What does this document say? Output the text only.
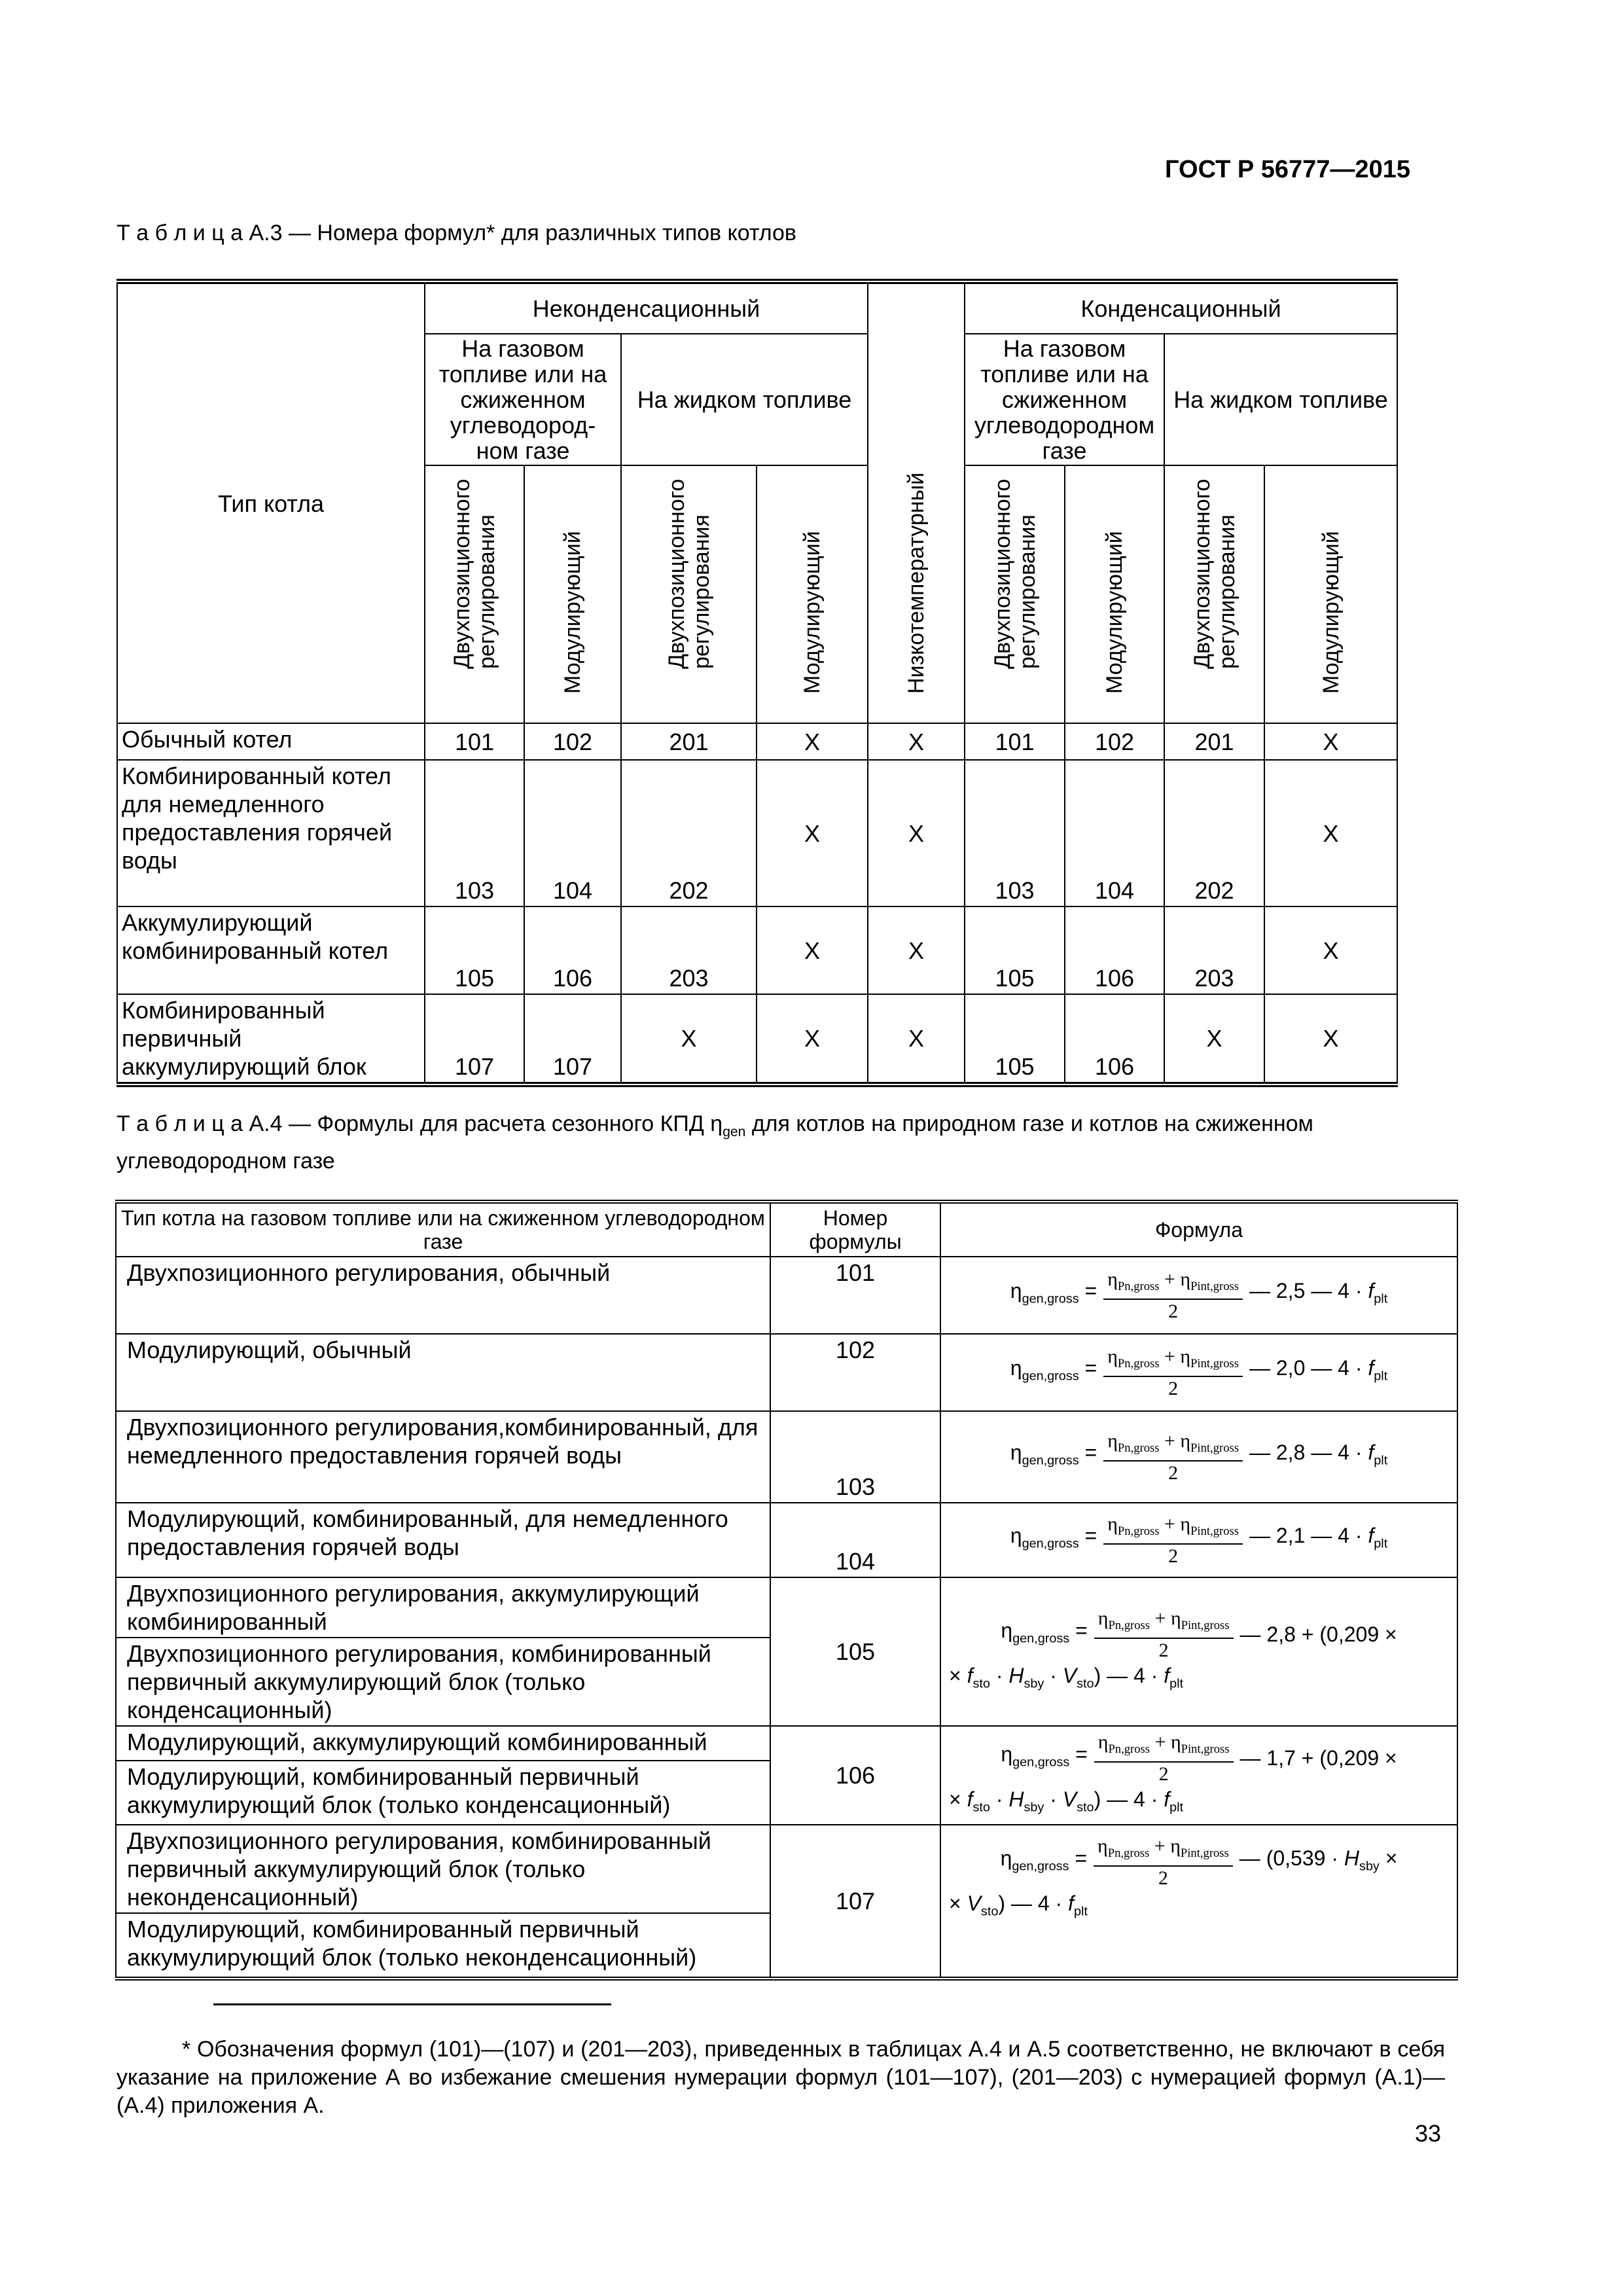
ГОСТ Р 56777—2015
Т а б л и ц а А.3 — Номера формул* для различных типов котлов
Тип котла	Неконденсационный				Низкотемпературный	Конденсационный			
	На газовом топливе или на сжиженном углеводород-ном газе		На жидком топливе			На газовом топливе или на сжиженном углеводородном газе		На жидком топливе	

	Двухпозиционного регулирования	Модулирующий	Двухпозиционного регулирования	Модулирующий		Двухпозиционного регулирования	Модулирующий	Двухпозиционного регулирования	Модулирующий

Обычный котел	101	102	201	X	X	101	102	201	X
Комбинированный котел для немедленного предоставления горячей воды	103	104	202	X	X	103	104	202	X
Аккумулирующий комбинированный котел	105	106	203	X	X	105	106	203	X
Комбинированный первичный аккумулирующий блок	107	107	X	X	X	105	106	X	X
Т а б л и ц а А.4 — Формулы для расчета сезонного КПД $\eta_{gen}$ для котлов на природном газе и котлов на сжиженном углеводородном газе
Тип котла на газовом топливе или на сжиженном углеводородном газе	Номер формулы	Формула
Двухпозиционного регулирования, обычный	101	$\eta_{gen,gross} = \frac{\eta_{Pn,gross} + \eta_{Pint,gross}}{2}$ — 2,5 — $4 \cdot f_{plt}$

Модулирующий, обычный	102	$\eta_{gen,gross} = \frac{\eta_{Pn,gross} + \eta_{Pint,gross}}{2}$ — 2,0 — $4 \cdot f_{plt}$

Двухпозиционного регулирования,комбинированный, для немедленного предоставления горячей воды	103	$\eta_{gen,gross} = \frac{\eta_{Pn,gross} + \eta_{Pint,gross}}{2}$ — 2,8 — $4 \cdot f_{plt}$

Модулирующий, комбинированный, для немедленного предоставления горячей воды	104	$\eta_{gen,gross} = \frac{\eta_{Pn,gross} + \eta_{Pint,gross}}{2}$ — 2,1 — $4 \cdot f_{plt}$

Двухпозиционного регулирования, аккумулирующий комбинированный	105	$\eta_{gen,gross} = \frac{\eta_{Pn,gross} + \eta_{Pint,gross}}{2}$ — 2,8 + (0,209 ×
× $f_{sto} \cdot H_{sby} \cdot V_{sto}$) — $4 \cdot f_{plt}$

Двухпозиционного регулирования, комбинированный первичный аккумулирующий блок (только конденсационный)		
Модулирующий, аккумулирующий комбинированный	106	$\eta_{gen,gross} = \frac{\eta_{Pn,gross} + \eta_{Pint,gross}}{2}$ — 1,7 + (0,209 ×
× $f_{sto} \cdot H_{sby} \cdot V_{sto}$) — $4 \cdot f_{plt}$

Модулирующий, комбинированный первичный аккумулирующий блок (только конденсационный)		
Двухпозиционного регулирования, комбинированный первичный аккумулирующий блок (только неконденсационный)	107	$\eta_{gen,gross} = \frac{\eta_{Pn,gross} + \eta_{Pint,gross}}{2}$ — ($0,539 \cdot H_{sby}$ ×
× $V_{sto}$) — $4 \cdot f_{plt}$

Модулирующий, комбинированный первичный аккумулирующий блок (только неконденсационный)		
* Обозначения формул (101)—(107) и (201—203), приведенных в таблицах А.4 и А.5 соответственно, не включают в себя указание на приложение А во избежание смешения нумерации формул (101—107), (201—203) с нумерацией формул (А.1)—(А.4) приложения А.
33
